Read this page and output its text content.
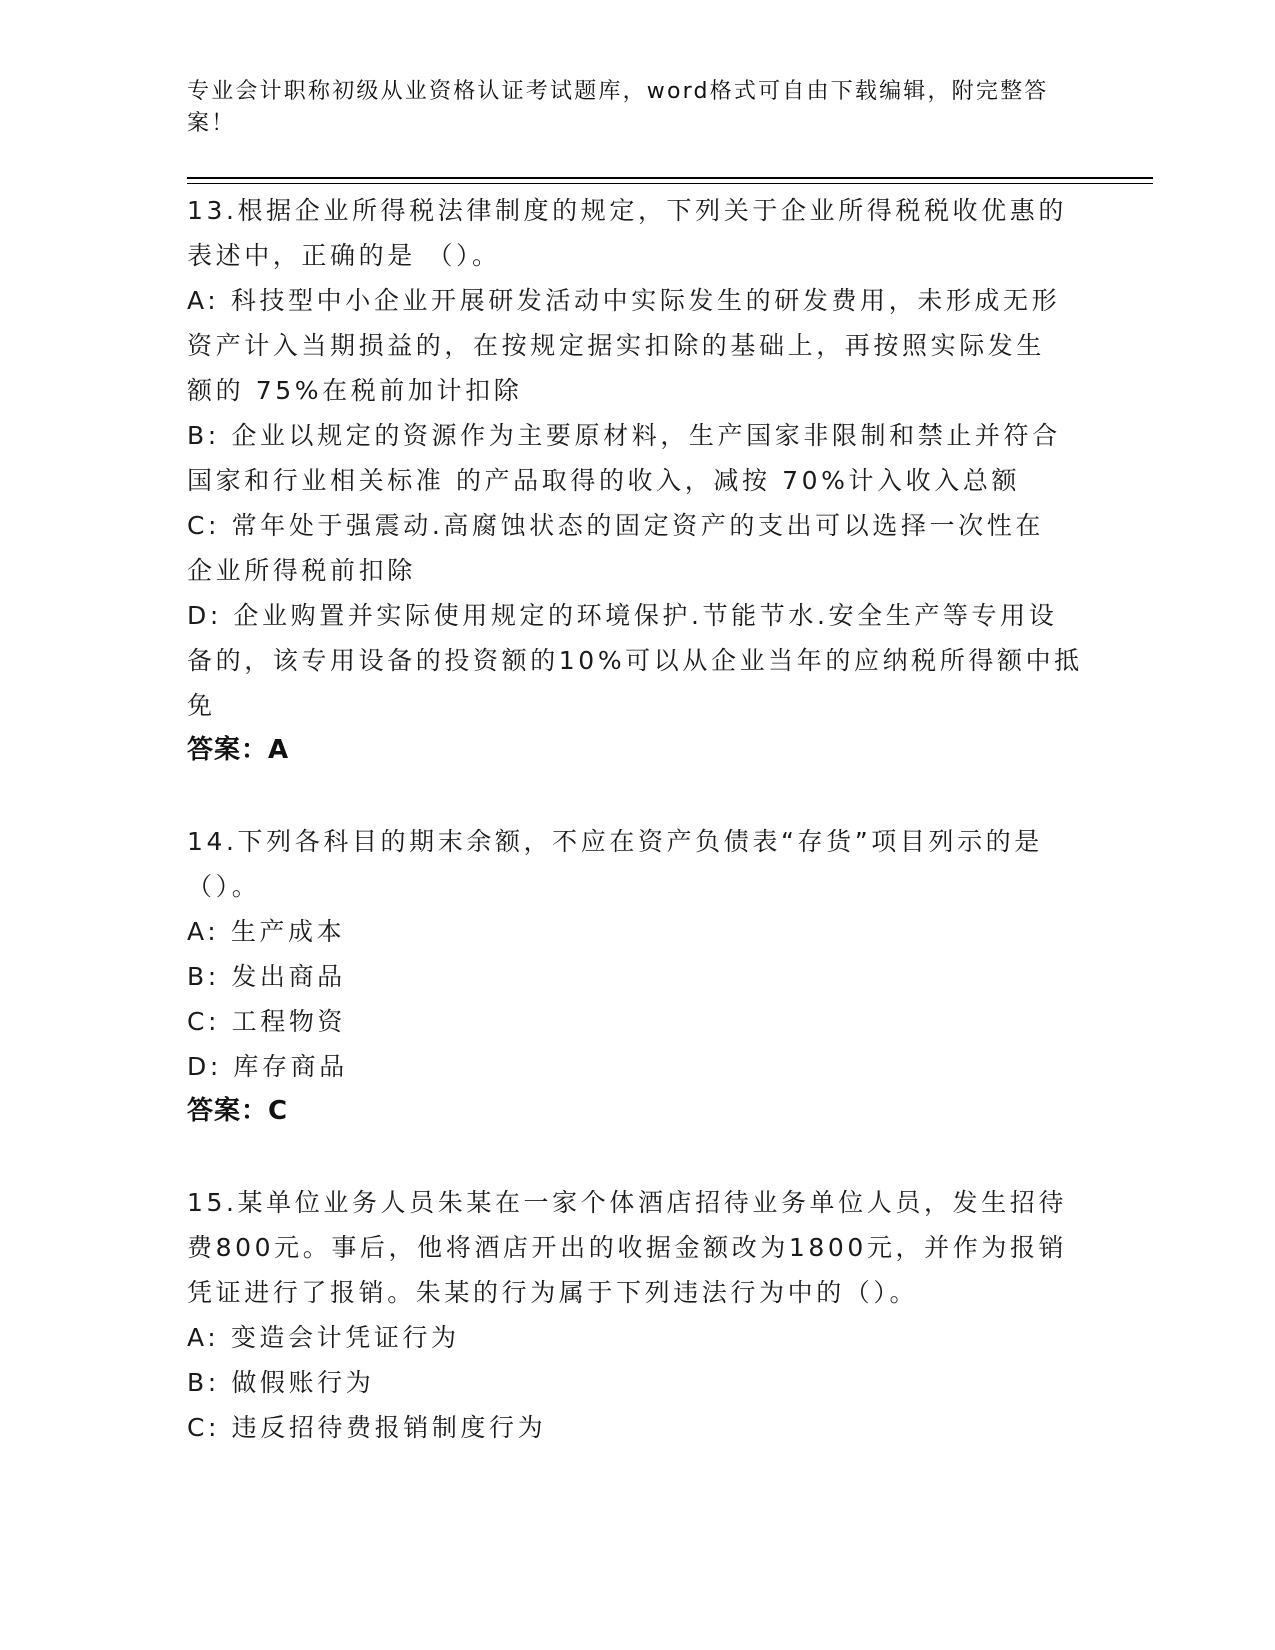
专业会计职称初级从业资格认证考试题库，word格式可自由下载编辑，附完整答
案！
13.根据企业所得税法律制度的规定，下列关于企业所得税税收优惠的
表述中，正确的是 （）。
A: 科技型中小企业开展研发活动中实际发生的研发费用，未形成无形
资产计入当期损益的，在按规定据实扣除的基础上，再按照实际发生
额的 75%在税前加计扣除
B: 企业以规定的资源作为主要原材料，生产国家非限制和禁止并符合
国家和行业相关标准 的产品取得的收入，减按 70%计入收入总额
C: 常年处于强震动.高腐蚀状态的固定资产的支出可以选择一次性在
企业所得税前扣除
D: 企业购置并实际使用规定的环境保护.节能节水.安全生产等专用设
备的，该专用设备的投资额的10%可以从企业当年的应纳税所得额中抵
免
答案：A
14.下列各科目的期末余额，不应在资产负债表“存货”项目列示的是
（）。
A: 生产成本
B: 发出商品
C: 工程物资
D: 库存商品
答案：C
15.某单位业务人员朱某在一家个体酒店招待业务单位人员，发生招待
费800元。事后，他将酒店开出的收据金额改为1800元，并作为报销
凭证进行了报销。朱某的行为属于下列违法行为中的（）。
A: 变造会计凭证行为
B: 做假账行为
C: 违反招待费报销制度行为
